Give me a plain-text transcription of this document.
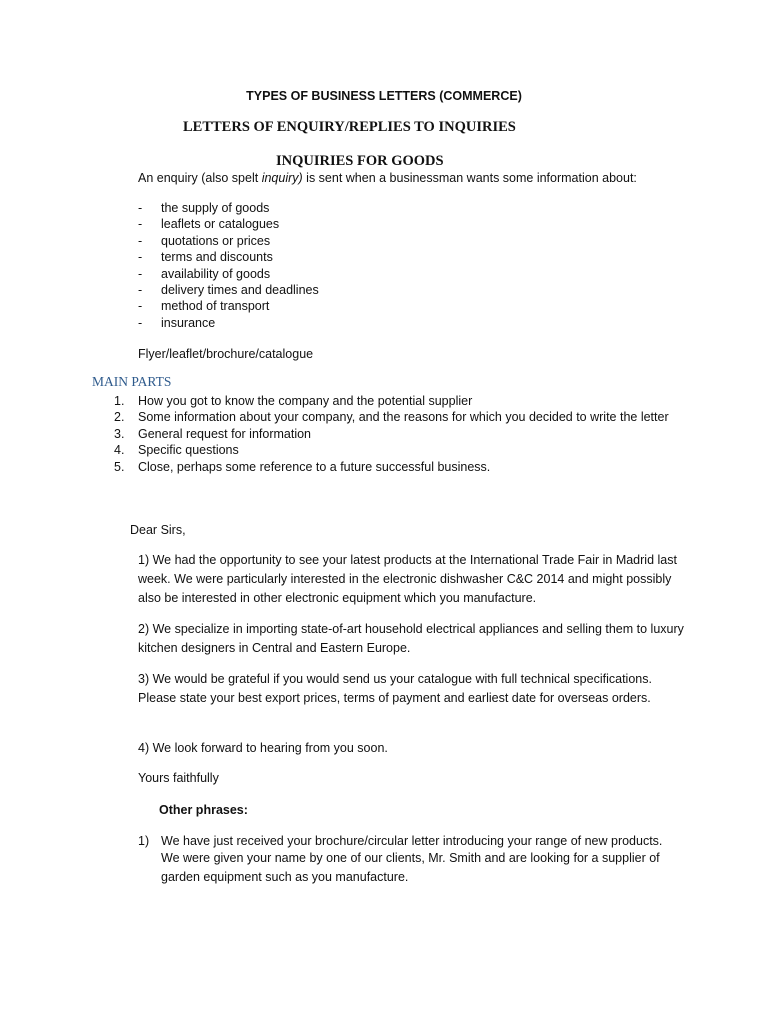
TYPES OF BUSINESS LETTERS (COMMERCE)
LETTERS OF ENQUIRY/REPLIES TO INQUIRIES
INQUIRIES FOR GOODS
An enquiry (also spelt inquiry) is sent when a businessman wants some information about:
- the supply of goods
- leaflets or catalogues
- quotations or prices
- terms and discounts
- availability of goods
- delivery times and deadlines
- method of transport
- insurance
Flyer/leaflet/brochure/catalogue
MAIN PARTS
1. How you got to know the company and the potential supplier
2. Some information about your company, and the reasons for which you decided to write the letter
3. General request for information
4. Specific questions
5. Close, perhaps some reference to a future successful business.
Dear Sirs,
1) We had the opportunity to see your latest products at the International Trade Fair in Madrid last week. We were particularly interested in the electronic dishwasher C&C 2014 and might possibly also be interested in other electronic equipment which you manufacture.
2) We specialize in importing state-of-art household electrical appliances and selling them to luxury kitchen designers in Central and Eastern Europe.
3) We would be grateful if you would send us your catalogue with full technical specifications. Please state your best export prices, terms of payment and earliest date for overseas orders.
4) We look forward to hearing from you soon.
Yours faithfully
Other phrases:
1) We have just received your brochure/circular letter introducing your range of new products.
We were given your name by one of our clients, Mr. Smith and are looking for a supplier of garden equipment such as you manufacture.
